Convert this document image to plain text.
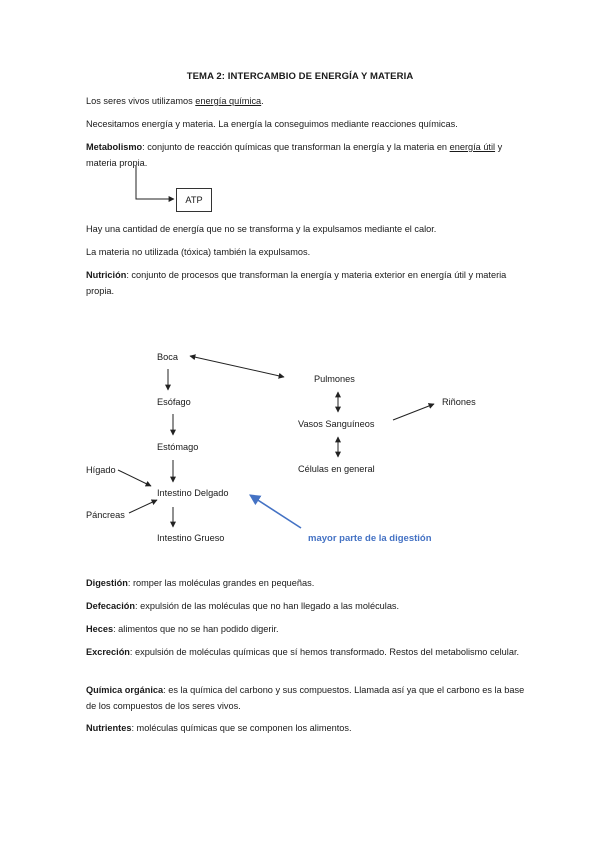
TEMA 2: INTERCAMBIO DE ENERGÍA Y MATERIA

Los seres vivos utilizamos energía química.

Necesitamos energía y materia. La energía la conseguimos mediante reacciones químicas.

Metabolismo: conjunto de reacción químicas que transforman la energía y la materia en energía útil y materia propia.

ATP

Hay una cantidad de energía que no se transforma y la expulsamos mediante el calor.

La materia no utilizada (tóxica) también la expulsamos.

Nutrición: conjunto de procesos que transforman la energía y materia exterior en energía útil y materia propia.

Boca
Esófago
Estómago
Hígado
Intestino Delgado
Páncreas
Intestino Grueso
Pulmones
Vasos Sanguíneos
Riñones
Células en general
mayor parte de la digestión

Digestión: romper las moléculas grandes en pequeñas.

Defecación: expulsión de las moléculas que no han llegado a las moléculas.

Heces: alimentos que no se han podido digerir.

Excreción: expulsión de moléculas químicas que sí hemos transformado. Restos del metabolismo celular.

Química orgánica: es la química del carbono y sus compuestos. Llamada así ya que el carbono es la base de los compuestos de los seres vivos.

Nutrientes: moléculas químicas que se componen los alimentos.
